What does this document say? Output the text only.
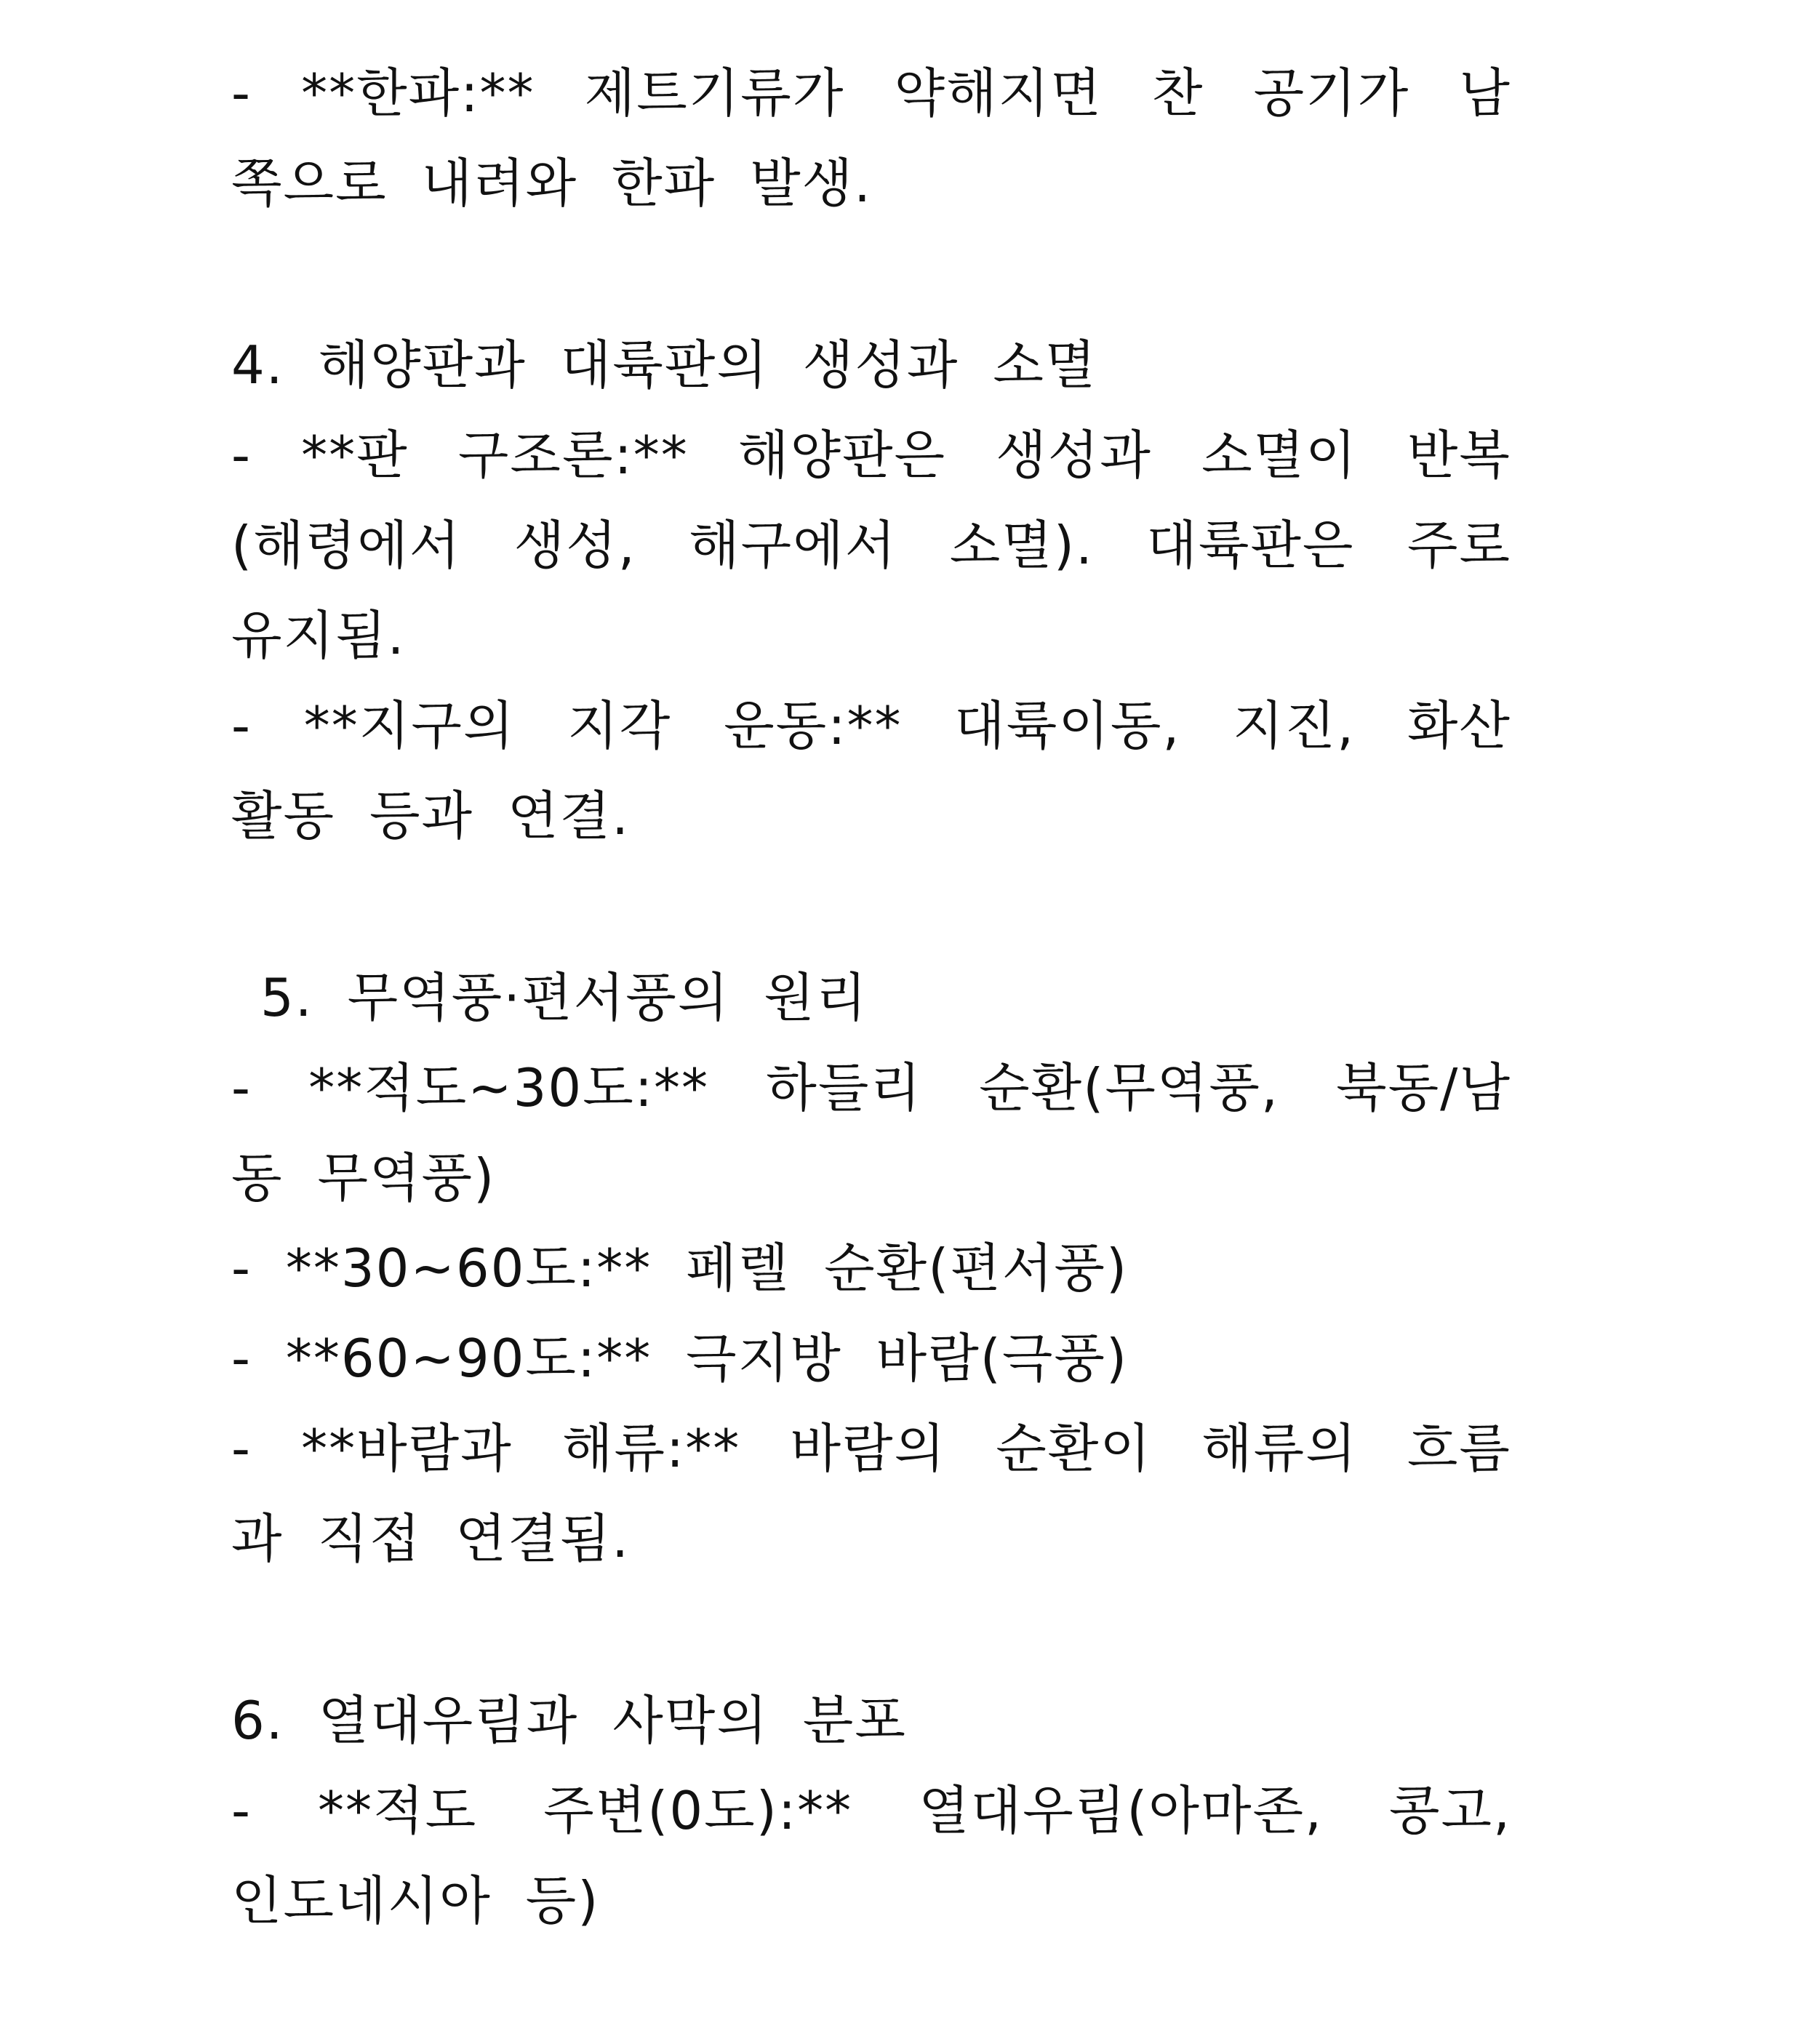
- **한파:** 제트기류가 약해지면 찬 공기가 남
쪽으로 내려와 한파 발생.
4. 해양판과 대륙판의 생성과 소멸
- **판 구조론:** 해양판은 생성과 소멸이 반복
(해령에서 생성, 해구에서 소멸). 대륙판은 주로
유지됨.
- **지구의 지각 운동:** 대륙이동, 지진, 화산
활동 등과 연결.
5. 무역풍·편서풍의 원리
- **적도~30도:** 하들리 순환(무역풍, 북동/남
동 무역풍)
- **30~60도:** 페렐 순환(편서풍)
- **60~90도:** 극지방 바람(극풍)
- **바람과 해류:** 바람의 순환이 해류의 흐름
과 직접 연결됨.
6. 열대우림과 사막의 분포
- **적도 주변(0도):** 열대우림(아마존, 콩고,
인도네시아 등)
